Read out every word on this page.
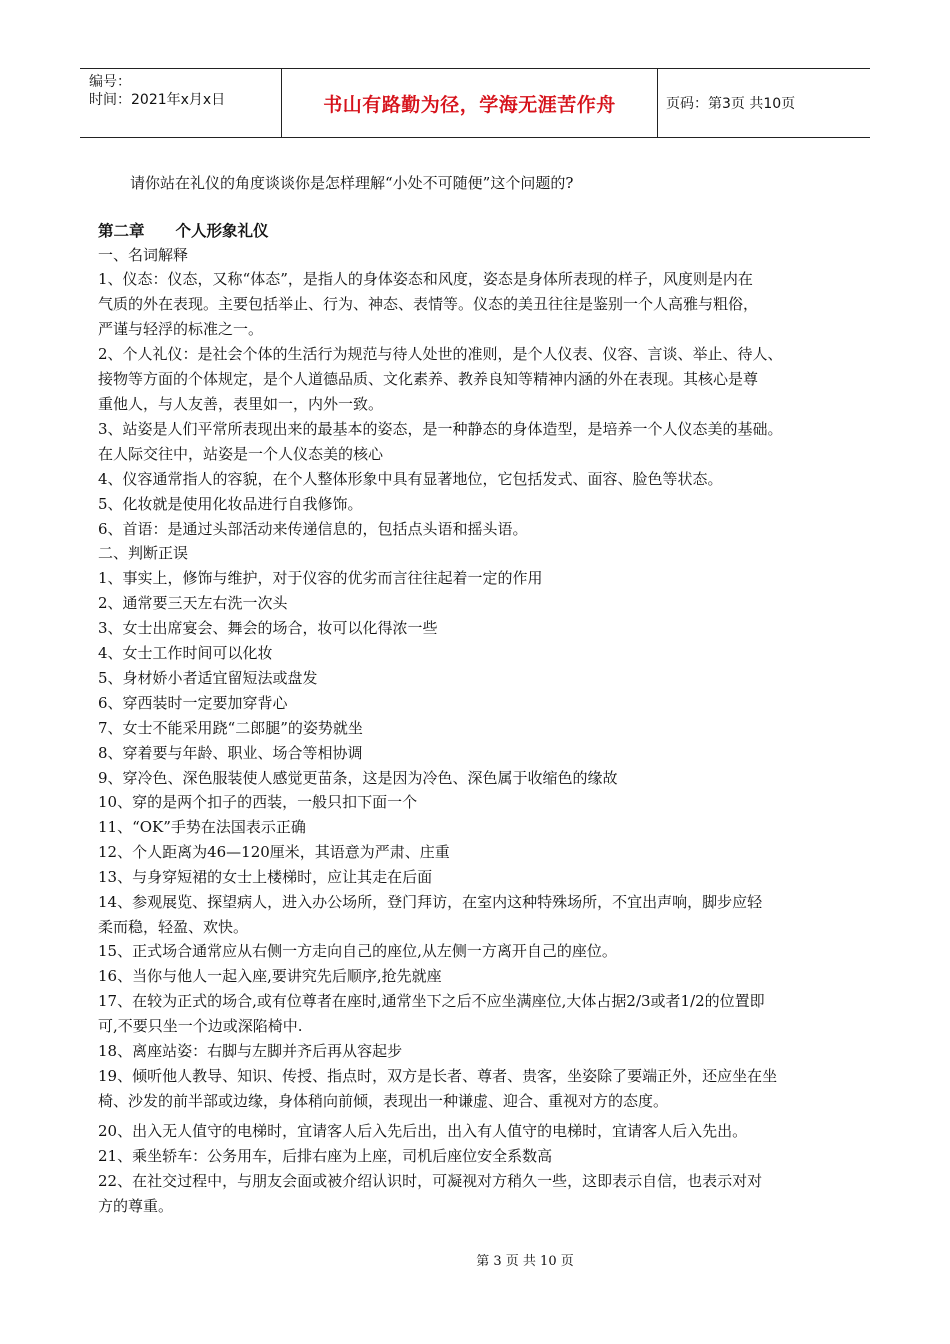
编号：
时间：2021年x月x日	书山有路勤为径，学海无涯苦作舟	页码：第3页 共10页
请你站在礼仪的角度谈谈你是怎样理解“小处不可随便”这个问题的?
第二章　　个人形象礼仪
一、名词解释
1、仪态：仪态，又称“体态”，是指人的身体姿态和风度，姿态是身体所表现的样子，风度则是内在
气质的外在表现。主要包括举止、行为、神态、表情等。仪态的美丑往往是鉴别一个人高雅与粗俗，
严谨与轻浮的标准之一。
2、个人礼仪：是社会个体的生活行为规范与待人处世的准则，是个人仪表、仪容、言谈、举止、待人、
接物等方面的个体规定，是个人道德品质、文化素养、教养良知等精神内涵的外在表现。其核心是尊
重他人，与人友善，表里如一，内外一致。
3、站姿是人们平常所表现出来的最基本的姿态，是一种静态的身体造型，是培养一个人仪态美的基础。
在人际交往中，站姿是一个人仪态美的核心
4、仪容通常指人的容貌，在个人整体形象中具有显著地位，它包括发式、面容、脸色等状态。
5、化妆就是使用化妆品进行自我修饰。
6、首语：是通过头部活动来传递信息的，包括点头语和摇头语。
二、判断正误
1、事实上，修饰与维护，对于仪容的优劣而言往往起着一定的作用
2、通常要三天左右洗一次头
3、女士出席宴会、舞会的场合，妆可以化得浓一些
4、女士工作时间可以化妆
5、身材娇小者适宜留短法或盘发
6、穿西装时一定要加穿背心
7、女士不能采用跷“二郎腿”的姿势就坐
8、穿着要与年龄、职业、场合等相协调
9、穿冷色、深色服装使人感觉更苗条，这是因为冷色、深色属于收缩色的缘故
10、穿的是两个扣子的西装，一般只扣下面一个
11、“OK”手势在法国表示正确
12、个人距离为46—120厘米，其语意为严肃、庄重
13、与身穿短裙的女士上楼梯时，应让其走在后面
14、参观展览、探望病人，进入办公场所，登门拜访，在室内这种特殊场所，不宜出声响，脚步应轻
柔而稳，轻盈、欢快。
15、正式场合通常应从右侧一方走向自己的座位,从左侧一方离开自己的座位。
16、当你与他人一起入座,要讲究先后顺序,抢先就座
17、在较为正式的场合,或有位尊者在座时,通常坐下之后不应坐满座位,大体占据2/3或者1/2的位置即
可,不要只坐一个边或深陷椅中.
18、离座站姿：右脚与左脚并齐后再从容起步
19、倾听他人教导、知识、传授、指点时，双方是长者、尊者、贵客，坐姿除了要端正外，还应坐在坐
椅、沙发的前半部或边缘，身体稍向前倾，表现出一种谦虚、迎合、重视对方的态度。
20、出入无人值守的电梯时，宜请客人后入先后出，出入有人值守的电梯时，宜请客人后入先出。
21、乘坐轿车：公务用车，后排右座为上座，司机后座位安全系数高
22、在社交过程中，与朋友会面或被介绍认识时，可凝视对方稍久一些，这即表示自信，也表示对对
方的尊重。
第 3 页 共 10 页
